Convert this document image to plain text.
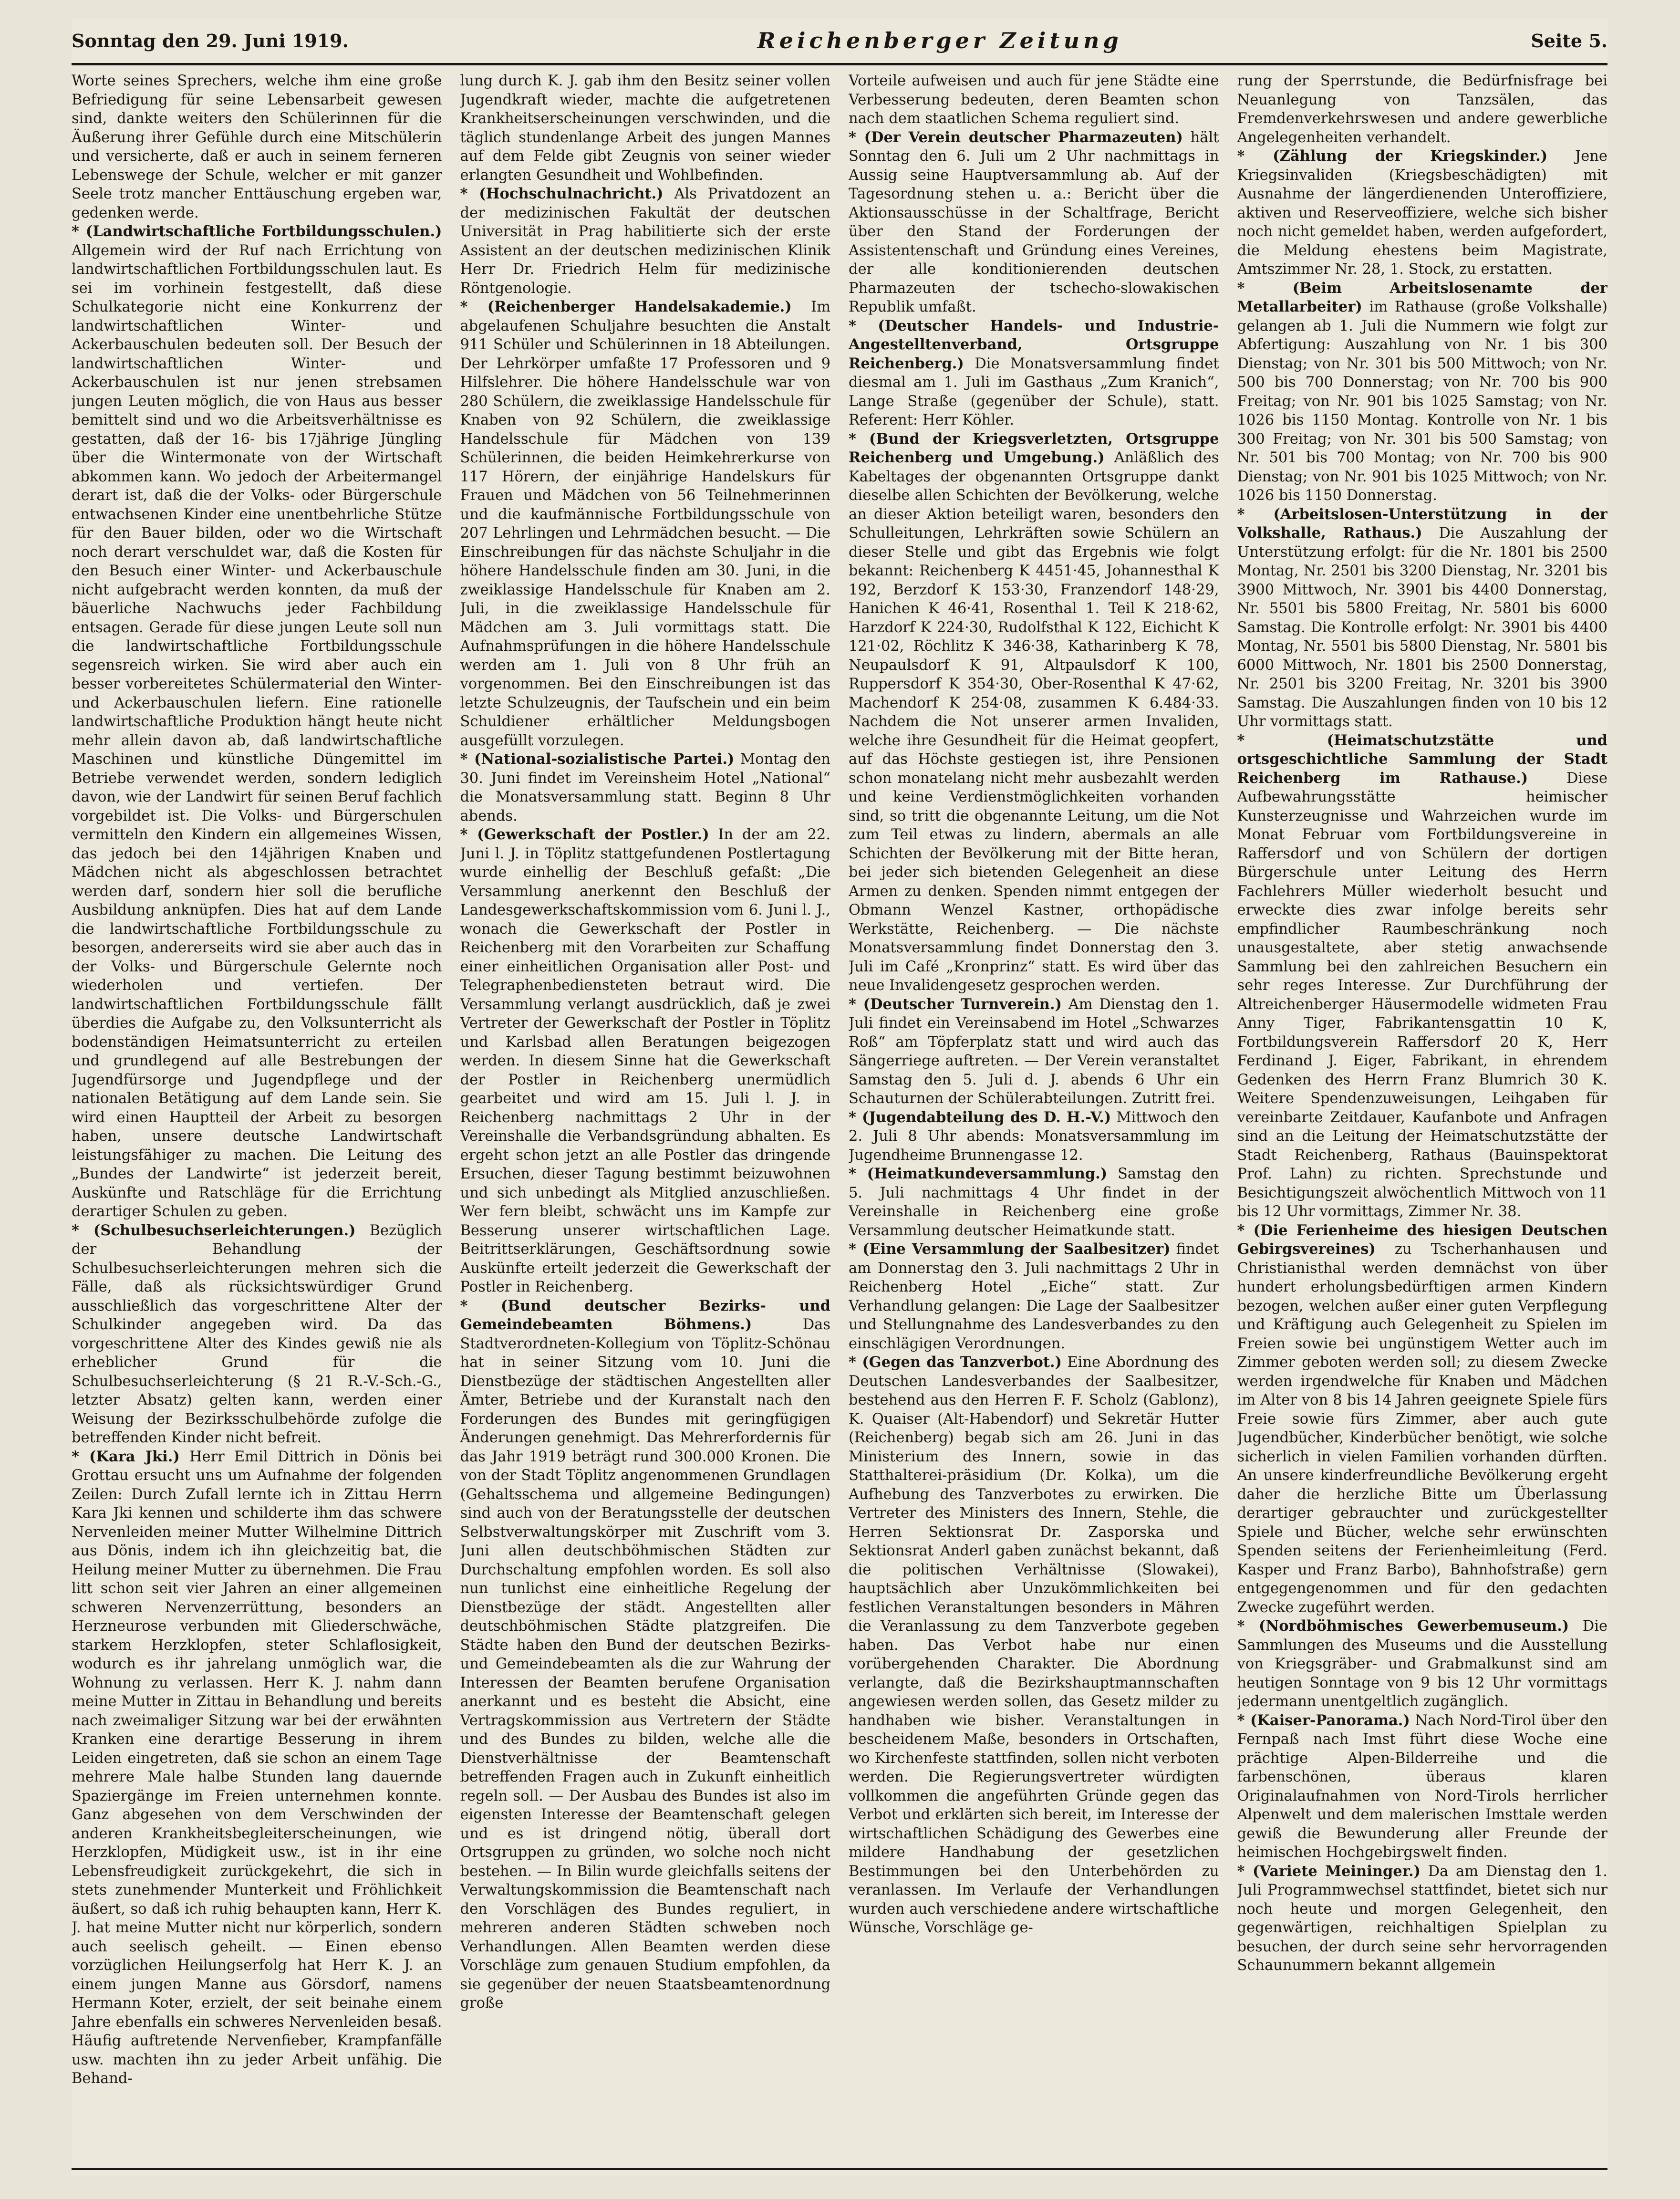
Sonntag den 29. Juni 1919.	Reichenberger Zeitung	Seite 5.

Worte seines Sprechers, welche ihm eine große Befriedigung für seine Lebensarbeit gewesen sind, dankte weiters den Schülerinnen für die Äußerung ihrer Gefühle durch eine Mitschülerin und versicherte, daß er auch in seinem ferneren Lebenswege der Schule, welcher er mit ganzer Seele trotz mancher Enttäuschung ergeben war, gedenken werde.

* (Landwirtschaftliche Fortbildungsschulen.) Allgemein wird der Ruf nach Errichtung von landwirtschaftlichen Fortbildungsschulen laut. Es sei im vorhinein festgestellt, daß diese Schulkategorie nicht eine Konkurrenz der landwirtschaftlichen Winter- und Ackerbauschulen bedeuten soll. Der Besuch der landwirtschaftlichen Winter- und Ackerbauschulen ist nur jenen strebsamen jungen Leuten möglich, die von Haus aus besser bemittelt sind und wo die Arbeitsverhältnisse es gestatten, daß der 16- bis 17jährige Jüngling über die Wintermonate von der Wirtschaft abkommen kann. Wo jedoch der Arbeitermangel derart ist, daß die der Volks- oder Bürgerschule entwachsenen Kinder eine unentbehrliche Stütze für den Bauer bilden, oder wo die Wirtschaft noch derart verschuldet war, daß die Kosten für den Besuch einer Winter- und Ackerbauschule nicht aufgebracht werden konnten, da muß der bäuerliche Nachwuchs jeder Fachbildung entsagen. Gerade für diese jungen Leute soll nun die landwirtschaftliche Fortbildungsschule segensreich wirken. Sie wird aber auch ein besser vorbereitetes Schülermaterial den Winter- und Ackerbauschulen liefern. Eine rationelle landwirtschaftliche Produktion hängt heute nicht mehr allein davon ab, daß landwirtschaftliche Maschinen und künstliche Düngemittel im Betriebe verwendet werden, sondern lediglich davon, wie der Landwirt für seinen Beruf fachlich vorgebildet ist. Die Volks- und Bürgerschulen vermitteln den Kindern ein allgemeines Wissen, das jedoch bei den 14jährigen Knaben und Mädchen nicht als abgeschlossen betrachtet werden darf, sondern hier soll die berufliche Ausbildung anknüpfen. Dies hat auf dem Lande die landwirtschaftliche Fortbildungsschule zu besorgen, andererseits wird sie aber auch das in der Volks- und Bürgerschule Gelernte noch wiederholen und vertiefen. Der landwirtschaftlichen Fortbildungsschule fällt überdies die Aufgabe zu, den Volksunterricht als bodenständigen Heimatsunterricht zu erteilen und grundlegend auf alle Bestrebungen der Jugendfürsorge und Jugendpflege und der nationalen Betätigung auf dem Lande sein. Sie wird einen Hauptteil der Arbeit zu besorgen haben, unsere deutsche Landwirtschaft leistungsfähiger zu machen. Die Leitung des „Bundes der Landwirte“ ist jederzeit bereit, Auskünfte und Ratschläge für die Errichtung derartiger Schulen zu geben.

* (Schulbesuchserleichterungen.) Bezüglich der Behandlung der Schulbesuchserleichterungen mehren sich die Fälle, daß als rücksichtswürdiger Grund ausschließlich das vorgeschrittene Alter der Schulkinder angegeben wird. Da das vorgeschrittene Alter des Kindes gewiß nie als erheblicher Grund für die Schulbesuchserleichterung (§ 21 R.-V.-Sch.-G., letzter Absatz) gelten kann, werden einer Weisung der Bezirksschulbehörde zufolge die betreffenden Kinder nicht befreit.

* (Kara Jki.) Herr Emil Dittrich in Dönis bei Grottau ersucht uns um Aufnahme der folgenden Zeilen: Durch Zufall lernte ich in Zittau Herrn Kara Jki kennen und schilderte ihm das schwere Nervenleiden meiner Mutter Wilhelmine Dittrich aus Dönis, indem ich ihn gleichzeitig bat, die Heilung meiner Mutter zu übernehmen. Die Frau litt schon seit vier Jahren an einer allgemeinen schweren Nervenzerrüttung, besonders an Herzneurose verbunden mit Gliederschwäche, starkem Herzklopfen, steter Schlaflosigkeit, wodurch es ihr jahrelang unmöglich war, die Wohnung zu verlassen. Herr K. J. nahm dann meine Mutter in Zittau in Behandlung und bereits nach zweimaliger Sitzung war bei der erwähnten Kranken eine derartige Besserung in ihrem Leiden eingetreten, daß sie schon an einem Tage mehrere Male halbe Stunden lang dauernde Spaziergänge im Freien unternehmen konnte. Ganz abgesehen von dem Verschwinden der anderen Krankheitsbegleiterscheinungen, wie Herzklopfen, Müdigkeit usw., ist in ihr eine Lebensfreudigkeit zurückgekehrt, die sich in stets zunehmender Munterkeit und Fröhlichkeit äußert, so daß ich ruhig behaupten kann, Herr K. J. hat meine Mutter nicht nur körperlich, sondern auch seelisch geheilt. — Einen ebenso vorzüglichen Heilungserfolg hat Herr K. J. an einem jungen Manne aus Görsdorf, namens Hermann Koter, erzielt, der seit beinahe einem Jahre ebenfalls ein schweres Nervenleiden besaß. Häufig auftretende Nervenfieber, Krampfanfälle usw. machten ihn zu jeder Arbeit unfähig. Die Behand-

lung durch K. J. gab ihm den Besitz seiner vollen Jugendkraft wieder, machte die aufgetretenen Krankheitserscheinungen verschwinden, und die täglich stundenlange Arbeit des jungen Mannes auf dem Felde gibt Zeugnis von seiner wieder erlangten Gesundheit und Wohlbefinden.

* (Hochschulnachricht.) Als Privatdozent an der medizinischen Fakultät der deutschen Universität in Prag habilitierte sich der erste Assistent an der deutschen medizinischen Klinik Herr Dr. Friedrich Helm für medizinische Röntgenologie.

* (Reichenberger Handelsakademie.) Im abgelaufenen Schuljahre besuchten die Anstalt 911 Schüler und Schülerinnen in 18 Abteilungen. Der Lehrkörper umfaßte 17 Professoren und 9 Hilfslehrer. Die höhere Handelsschule war von 280 Schülern, die zweiklassige Handelsschule für Knaben von 92 Schülern, die zweiklassige Handelsschule für Mädchen von 139 Schülerinnen, die beiden Heimkehrerkurse von 117 Hörern, der einjährige Handelskurs für Frauen und Mädchen von 56 Teilnehmerinnen und die kaufmännische Fortbildungsschule von 207 Lehrlingen und Lehrmädchen besucht. — Die Einschreibungen für das nächste Schuljahr in die höhere Handelsschule finden am 30. Juni, in die zweiklassige Handelsschule für Knaben am 2. Juli, in die zweiklassige Handelsschule für Mädchen am 3. Juli vormittags statt. Die Aufnahmsprüfungen in die höhere Handelsschule werden am 1. Juli von 8 Uhr früh an vorgenommen. Bei den Einschreibungen ist das letzte Schulzeugnis, der Taufschein und ein beim Schuldiener erhältlicher Meldungsbogen ausgefüllt vorzulegen.

* (National-sozialistische Partei.) Montag den 30. Juni findet im Vereinsheim Hotel „National“ die Monatsversammlung statt. Beginn 8 Uhr abends.

* (Gewerkschaft der Postler.) In der am 22. Juni l. J. in Töplitz stattgefundenen Postlertagung wurde einhellig der Beschluß gefaßt: „Die Versammlung anerkennt den Beschluß der Landesgewerkschaftskommission vom 6. Juni l. J., wonach die Gewerkschaft der Postler in Reichenberg mit den Vorarbeiten zur Schaffung einer einheitlichen Organisation aller Post- und Telegraphenbediensteten betraut wird. Die Versammlung verlangt ausdrücklich, daß je zwei Vertreter der Gewerkschaft der Postler in Töplitz und Karlsbad allen Beratungen beigezogen werden. In diesem Sinne hat die Gewerkschaft der Postler in Reichenberg unermüdlich gearbeitet und wird am 15. Juli l. J. in Reichenberg nachmittags 2 Uhr in der Vereinshalle die Verbandsgründung abhalten. Es ergeht schon jetzt an alle Postler das dringende Ersuchen, dieser Tagung bestimmt beizuwohnen und sich unbedingt als Mitglied anzuschließen. Wer fern bleibt, schwächt uns im Kampfe zur Besserung unserer wirtschaftlichen Lage. Beitrittserklärungen, Geschäftsordnung sowie Auskünfte erteilt jederzeit die Gewerkschaft der Postler in Reichenberg.

* (Bund deutscher Bezirks- und Gemeindebeamten Böhmens.)	Das Stadtverordneten-Kollegium von Töplitz-Schönau hat in seiner Sitzung vom 10. Juni die Dienstbezüge der städtischen Angestellten aller Ämter, Betriebe und der Kuranstalt nach den Forderungen des Bundes mit geringfügigen Änderungen genehmigt. Das Mehrerfordernis für das Jahr 1919 beträgt rund 300.000 Kronen. Die von der Stadt Töplitz angenommenen Grundlagen (Gehaltsschema und allgemeine Bedingungen) sind auch von der Beratungsstelle der deutschen Selbstverwaltungskörper mit Zuschrift vom 3. Juni allen deutschböhmischen Städten zur Durchschaltung empfohlen worden. Es soll also nun tunlichst eine einheitliche Regelung der Dienstbezüge der städt. Angestellten aller deutschböhmischen Städte platzgreifen. Die Städte haben den Bund der deutschen Bezirks- und Gemeindebeamten als die zur Wahrung der Interessen der Beamten berufene Organisation anerkannt und es besteht die Absicht, eine Vertragskommission aus Vertretern der Städte und des Bundes zu bilden, welche alle die Dienstverhältnisse der Beamtenschaft betreffenden Fragen auch in Zukunft einheitlich regeln soll. — Der Ausbau des Bundes ist also im eigensten Interesse der Beamtenschaft gelegen und es ist dringend nötig, überall dort Ortsgruppen zu gründen, wo solche noch nicht bestehen. — In Bilin wurde gleichfalls seitens der Verwaltungskommission die Beamtenschaft nach den Vorschlägen des Bundes reguliert, in mehreren anderen Städten schweben noch Verhandlungen. Allen Beamten werden diese Vorschläge zum genauen Studium empfohlen, da sie gegenüber der neuen Staatsbeamtenordnung große

Vorteile aufweisen und auch für jene Städte eine Verbesserung bedeuten, deren Beamten schon nach dem staatlichen Schema reguliert sind.

* (Der Verein deutscher Pharmazeuten) hält Sonntag den 6. Juli um 2 Uhr nachmittags in Aussig seine Hauptversammlung ab. Auf der Tagesordnung stehen u. a.: Bericht über die Aktionsausschüsse in der Schaltfrage, Bericht über den Stand der Forderungen der Assistentenschaft und Gründung eines Vereines, der alle konditionierenden deutschen Pharmazeuten der tschecho-slowakischen Republik umfaßt.

* (Deutscher Handels- und Industrie-Angestelltenverband, Ortsgruppe Reichenberg.) Die Monatsversammlung findet diesmal am 1. Juli im Gasthaus „Zum Kranich“, Lange Straße (gegenüber der Schule), statt. Referent: Herr Köhler.

* (Bund der Kriegsverletzten, Ortsgruppe Reichenberg und Umgebung.) Anläßlich des Kabeltages der obgenannten Ortsgruppe dankt dieselbe allen Schichten der Bevölkerung, welche an dieser Aktion beteiligt waren, besonders den Schulleitungen, Lehrkräften sowie Schülern an dieser Stelle und gibt das Ergebnis wie folgt bekannt: Reichenberg K 4451·45, Johannesthal K 192, Berzdorf K 153·30, Franzendorf 148·29, Hanichen K 46·41, Rosenthal 1. Teil K 218·62, Harzdorf K 224·30, Rudolfsthal K 122, Eichicht K 121·02, Röchlitz K 346·38, Katharinberg K 78, Neupaulsdorf K 91, Altpaulsdorf K 100, Ruppersdorf K 354·30, Ober-Rosenthal K 47·62, Machendorf K 254·08, zusammen K 6.484·33. Nachdem die Not unserer armen Invaliden, welche ihre Gesundheit für die Heimat geopfert, auf das Höchste gestiegen ist, ihre Pensionen schon monatelang nicht mehr ausbezahlt werden und keine Verdienstmöglichkeiten vorhanden sind, so tritt die obgenannte Leitung, um die Not zum Teil etwas zu lindern, abermals an alle Schichten der Bevölkerung mit der Bitte heran, bei jeder sich bietenden Gelegenheit an diese Armen zu denken. Spenden nimmt entgegen der Obmann Wenzel Kastner, orthopädische Werkstätte, Reichenberg. — Die nächste Monatsversammlung findet Donnerstag den 3. Juli im Café „Kronprinz“ statt. Es wird über das neue Invalidengesetz gesprochen werden.

* (Deutscher Turnverein.) Am Dienstag den 1. Juli findet ein Vereinsabend im Hotel „Schwarzes Roß“ am Töpferplatz statt und wird auch das Sängerriege auftreten. — Der Verein veranstaltet Samstag den 5. Juli d. J. abends 6 Uhr ein Schauturnen der Schülerabteilungen. Zutritt frei.

* (Jugendabteilung des D. H.-V.) Mittwoch den 2. Juli 8 Uhr abends: Monatsversammlung im Jugendheime Brunnengasse 12.

* (Heimatkundeversammlung.) Samstag den 5. Juli nachmittags 4 Uhr findet in der Vereinshalle in Reichenberg eine große Versammlung deutscher Heimatkunde statt.

* (Eine Versammlung der Saalbesitzer) findet am Donnerstag den 3. Juli nachmittags 2 Uhr in Reichenberg Hotel „Eiche“ statt. Zur Verhandlung gelangen: Die Lage der Saalbesitzer und Stellungnahme des Landesverbandes zu den einschlägigen Verordnungen.

* (Gegen das Tanzverbot.) Eine Abordnung des Deutschen Landesverbandes der Saalbesitzer, bestehend aus den Herren F. F. Scholz (Gablonz), K. Quaiser (Alt-Habendorf) und Sekretär Hutter (Reichenberg) begab sich am 26. Juni in das Ministerium des Innern, sowie in das Statthalterei-präsidium (Dr. Kolka), um die Aufhebung des Tanzverbotes zu erwirken. Die Vertreter des Ministers des Innern, Stehle, die Herren Sektionsrat Dr. Zasporska und Sektionsrat Anderl gaben zunächst bekannt, daß die politischen Verhältnisse (Slowakei), hauptsächlich aber Unzukömmlichkeiten bei festlichen Veranstaltungen besonders in Mähren die Veranlassung zu dem Tanzverbote gegeben haben. Das Verbot habe nur einen vorübergehenden Charakter. Die Abordnung verlangte, daß die Bezirkshauptmannschaften angewiesen werden sollen, das Gesetz milder zu handhaben wie bisher. Veranstaltungen in bescheidenem Maße, besonders in Ortschaften, wo Kirchenfeste stattfinden, sollen nicht verboten werden. Die Regierungsvertreter würdigten vollkommen die angeführten Gründe gegen das Verbot und erklärten sich bereit, im Interesse der wirtschaftlichen Schädigung des Gewerbes eine mildere Handhabung der gesetzlichen Bestimmungen bei den Unterbehörden zu veranlassen. Im Verlaufe der Verhandlungen wurden auch verschiedene andere wirtschaftliche Wünsche, Vorschläge ge-

rung der Sperrstunde, die Bedürfnisfrage bei Neuanlegung von Tanzsälen, das Fremdenverkehrswesen und andere gewerbliche Angelegenheiten verhandelt.

* (Zählung der Kriegskinder.) Jene Kriegsinvaliden (Kriegsbeschädigten) mit Ausnahme der längerdienenden Unteroffiziere, aktiven und Reserveoffiziere, welche sich bisher noch nicht gemeldet haben, werden aufgefordert, die Meldung ehestens beim Magistrate, Amtszimmer Nr. 28, 1. Stock, zu erstatten.

* (Beim Arbeitslosenamte der Metallarbeiter) im Rathause (große Volkshalle) gelangen ab 1. Juli die Nummern wie folgt zur Abfertigung: Auszahlung von Nr. 1 bis 300 Dienstag; von Nr. 301 bis 500 Mittwoch; von Nr. 500 bis 700 Donnerstag; von Nr. 700 bis 900 Freitag; von Nr. 901 bis 1025 Samstag; von Nr. 1026 bis 1150 Montag. Kontrolle von Nr. 1 bis 300 Freitag; von Nr. 301 bis 500 Samstag; von Nr. 501 bis 700 Montag; von Nr. 700 bis 900 Dienstag; von Nr. 901 bis 1025 Mittwoch; von Nr. 1026 bis 1150 Donnerstag.

* (Arbeitslosen-Unterstützung in der Volkshalle, Rathaus.) Die Auszahlung der Unterstützung erfolgt: für die Nr. 1801 bis 2500 Montag, Nr. 2501 bis 3200 Dienstag, Nr. 3201 bis 3900 Mittwoch, Nr. 3901 bis 4400 Donnerstag, Nr. 5501 bis 5800 Freitag, Nr. 5801 bis 6000 Samstag. Die Kontrolle erfolgt: Nr. 3901 bis 4400 Montag, Nr. 5501 bis 5800 Dienstag, Nr. 5801 bis 6000 Mittwoch, Nr. 1801 bis 2500 Donnerstag, Nr. 2501 bis 3200 Freitag, Nr. 3201 bis 3900 Samstag. Die Auszahlungen finden von 10 bis 12 Uhr vormittags statt.

* (Heimatschutzstätte und ortsgeschichtliche Sammlung der Stadt Reichenberg im Rathause.)	Diese Aufbewahrungsstätte heimischer Kunsterzeugnisse und Wahrzeichen wurde im Monat Februar vom Fortbildungsvereine in Raffersdorf und von Schülern der dortigen Bürgerschule unter Leitung des Herrn Fachlehrers Müller wiederholt besucht und erweckte dies zwar infolge bereits sehr empfindlicher Raumbeschränkung noch unausgestaltete, aber stetig anwachsende Sammlung bei den zahlreichen Besuchern ein sehr reges Interesse. Zur Durchführung der Altreichenberger Häusermodelle widmeten Frau Anny Tiger, Fabrikantensgattin 10 K, Fortbildungsverein Raffersdorf 20 K, Herr Ferdinand J. Eiger, Fabrikant, in ehrendem Gedenken des Herrn Franz Blumrich 30 K. Weitere Spendenzuweisungen, Leihgaben für vereinbarte Zeitdauer, Kaufanbote und Anfragen sind an die Leitung der Heimatschutzstätte der Stadt Reichenberg, Rathaus (Bauinspektorat Prof. Lahn) zu richten. Sprechstunde und Besichtigungszeit alwöchentlich Mittwoch von 11 bis 12 Uhr vormittags, Zimmer Nr. 38.

* (Die Ferienheime des hiesigen Deutschen Gebirgsvereines) zu Tscherhanhausen und Christianisthal werden demnächst von über hundert erholungsbedürftigen armen Kindern bezogen, welchen außer einer guten Verpflegung und Kräftigung auch Gelegenheit zu Spielen im Freien sowie bei ungünstigem Wetter auch im Zimmer geboten werden soll; zu diesem Zwecke werden irgendwelche für Knaben und Mädchen im Alter von 8 bis 14 Jahren geeignete Spiele fürs Freie sowie fürs Zimmer, aber auch gute Jugendbücher, Kinderbücher benötigt, wie solche sicherlich in vielen Familien vorhanden dürften. An unsere kinderfreundliche Bevölkerung ergeht daher die herzliche Bitte um Überlassung derartiger gebrauchter und zurückgestellter Spiele und Bücher, welche sehr erwünschten Spenden seitens der Ferienheimleitung (Ferd. Kasper und Franz Barbo), Bahnhofstraße) gern entgegengenommen und für den gedachten Zwecke zugeführt werden.

* (Nordböhmisches Gewerbemuseum.) Die Sammlungen des Museums und die Ausstellung von Kriegsgräber- und Grabmalkunst sind am heutigen Sonntage von 9 bis 12 Uhr vormittags jedermann unentgeltlich zugänglich.

* (Kaiser-Panorama.) Nach Nord-Tirol über den Fernpaß nach Imst führt diese Woche eine prächtige Alpen-Bilderreihe und die farbenschönen, überaus klaren Originalaufnahmen von Nord-Tirols herrlicher Alpenwelt und dem malerischen Imsttale werden gewiß die Bewunderung aller Freunde der heimischen Hochgebirgswelt finden.

* (Variete Meininger.) Da am Dienstag den 1. Juli Programmwechsel stattfindet, bietet sich nur noch heute und morgen Gelegenheit, den gegenwärtigen, reichhaltigen Spielplan zu besuchen, der durch seine sehr hervorragenden Schaunummern bekannt allgemein
